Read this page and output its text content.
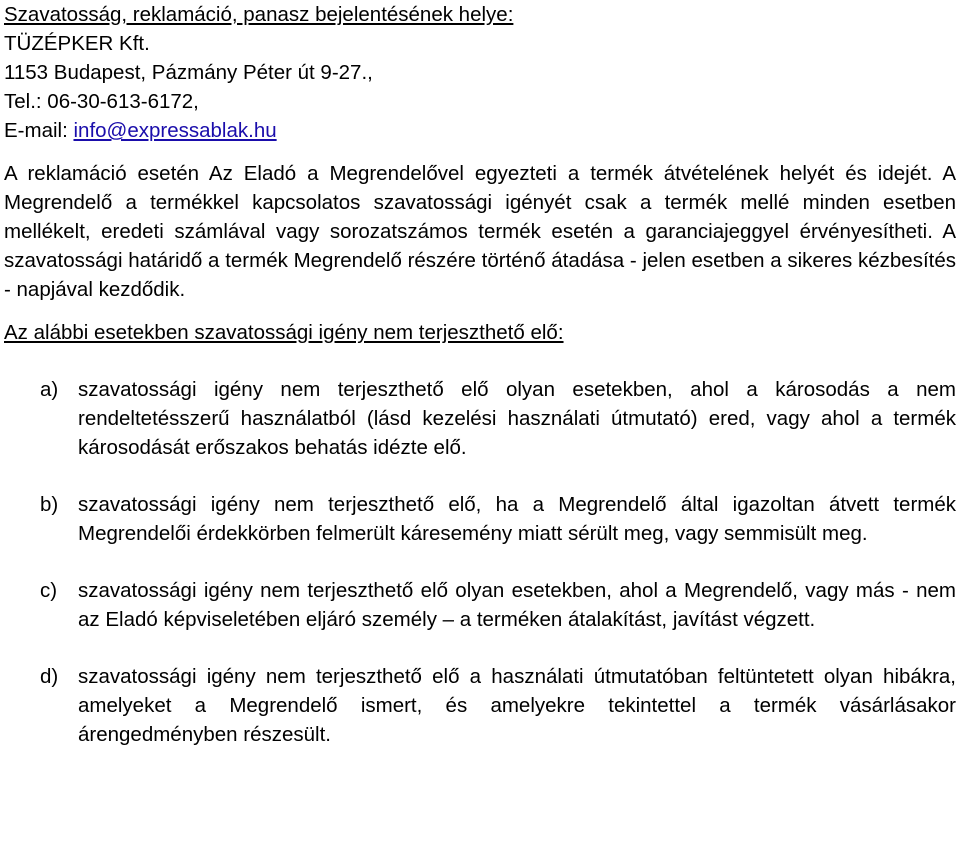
Szavatosság, reklamáció, panasz bejelentésének helye:
TÜZÉPKER Kft.
1153 Budapest, Pázmány Péter út 9-27.,
Tel.: 06-30-613-6172,
E-mail: info@expressablak.hu
A reklamáció esetén Az Eladó a Megrendelővel egyezteti a termék átvételének helyét és idejét. A Megrendelő a termékkel kapcsolatos szavatossági igényét csak a termék mellé minden esetben mellékelt, eredeti számlával vagy sorozatszámos termék esetén a garanciajeggyel érvényesítheti. A szavatossági határidő a termék Megrendelő részére történő átadása - jelen esetben a sikeres kézbesítés - napjával kezdődik.
Az alábbi esetekben szavatossági igény nem terjeszthető elő:
a) szavatossági igény nem terjeszthető elő olyan esetekben, ahol a károsodás a nem rendeltetésszerű használatból (lásd kezelési használati útmutató) ered, vagy ahol a termék károsodását erőszakos behatás idézte elő.
b) szavatossági igény nem terjeszthető elő, ha a Megrendelő által igazoltan átvett termék Megrendelői érdekkörben felmerült káresemény miatt sérült meg, vagy semmisült meg.
c)	szavatossági igény nem terjeszthető elő olyan esetekben, ahol a Megrendelő, vagy más - nem az Eladó képviseletében eljáró személy – a terméken átalakítást, javítást végzett.
d) szavatossági igény nem terjeszthető elő a használati útmutatóban feltüntetett olyan hibákra, amelyeket a Megrendelő ismert, és amelyekre tekintettel a termék vásárlásakor árengedményben részesült.
